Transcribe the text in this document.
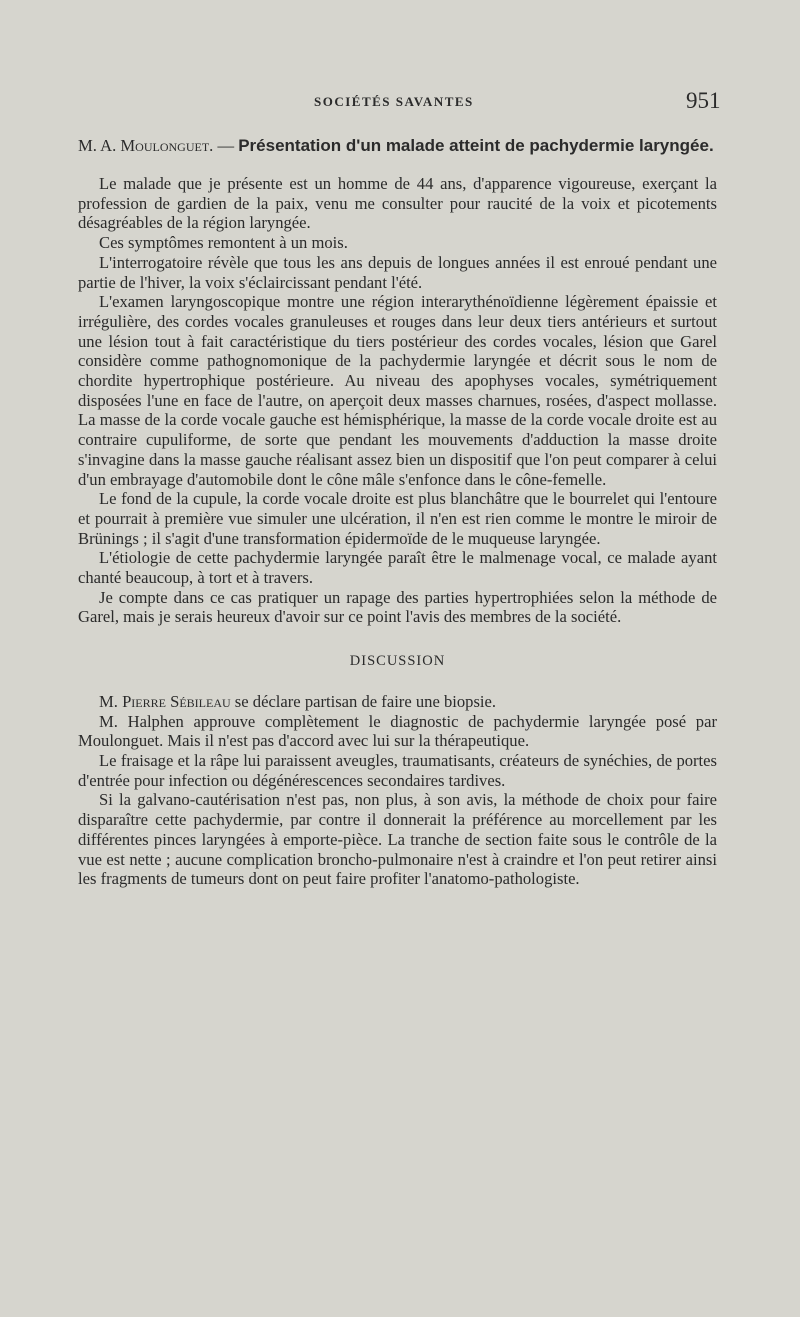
SOCIÉTÉS SAVANTES	951

M. A. Moulonguet. — Présentation d'un malade atteint de pachydermie laryngée.

Le malade que je présente est un homme de 44 ans, d'apparence vigoureuse, exerçant la profession de gardien de la paix, venu me consulter pour raucité de la voix et picotements désagréables de la région laryngée.

Ces symptômes remontent à un mois.

L'interrogatoire révèle que tous les ans depuis de longues années il est enroué pendant une partie de l'hiver, la voix s'éclaircissant pendant l'été.

L'examen laryngoscopique montre une région interarythénoïdienne légèrement épaissie et irrégulière, des cordes vocales granuleuses et rouges dans leur deux tiers antérieurs et surtout une lésion tout à fait caractéristique du tiers postérieur des cordes vocales, lésion que Garel considère comme pathognomonique de la pachydermie laryngée et décrit sous le nom de chordite hypertrophique postérieure. Au niveau des apophyses vocales, symétriquement disposées l'une en face de l'autre, on aperçoit deux masses charnues, rosées, d'aspect mollasse. La masse de la corde vocale gauche est hémisphérique, la masse de la corde vocale droite est au contraire cupuliforme, de sorte que pendant les mouvements d'adduction la masse droite s'invagine dans la masse gauche réalisant assez bien un dispositif que l'on peut comparer à celui d'un embrayage d'automobile dont le cône mâle s'enfonce dans le cône-femelle.

Le fond de la cupule, la corde vocale droite est plus blanchâtre que le bourrelet qui l'entoure et pourrait à première vue simuler une ulcération, il n'en est rien comme le montre le miroir de Brünings ; il s'agit d'une transformation épidermoïde de le muqueuse laryngée.

L'étiologie de cette pachydermie laryngée paraît être le malmenage vocal, ce malade ayant chanté beaucoup, à tort et à travers.

Je compte dans ce cas pratiquer un rapage des parties hypertrophiées selon la méthode de Garel, mais je serais heureux d'avoir sur ce point l'avis des membres de la société.

DISCUSSION

M. Pierre Sébileau se déclare partisan de faire une biopsie.

M. Halphen approuve complètement le diagnostic de pachydermie laryngée posé par Moulonguet. Mais il n'est pas d'accord avec lui sur la thérapeutique.

Le fraisage et la râpe lui paraissent aveugles, traumatisants, créateurs de synéchies, de portes d'entrée pour infection ou dégénérescences secondaires tardives.

Si la galvano-cautérisation n'est pas, non plus, à son avis, la méthode de choix pour faire disparaître cette pachydermie, par contre il donnerait la préférence au morcellement par les différentes pinces laryngées à emporte-pièce. La tranche de section faite sous le contrôle de la vue est nette ; aucune complication broncho-pulmonaire n'est à craindre et l'on peut retirer ainsi les fragments de tumeurs dont on peut faire profiter l'anatomo-pathologiste.
